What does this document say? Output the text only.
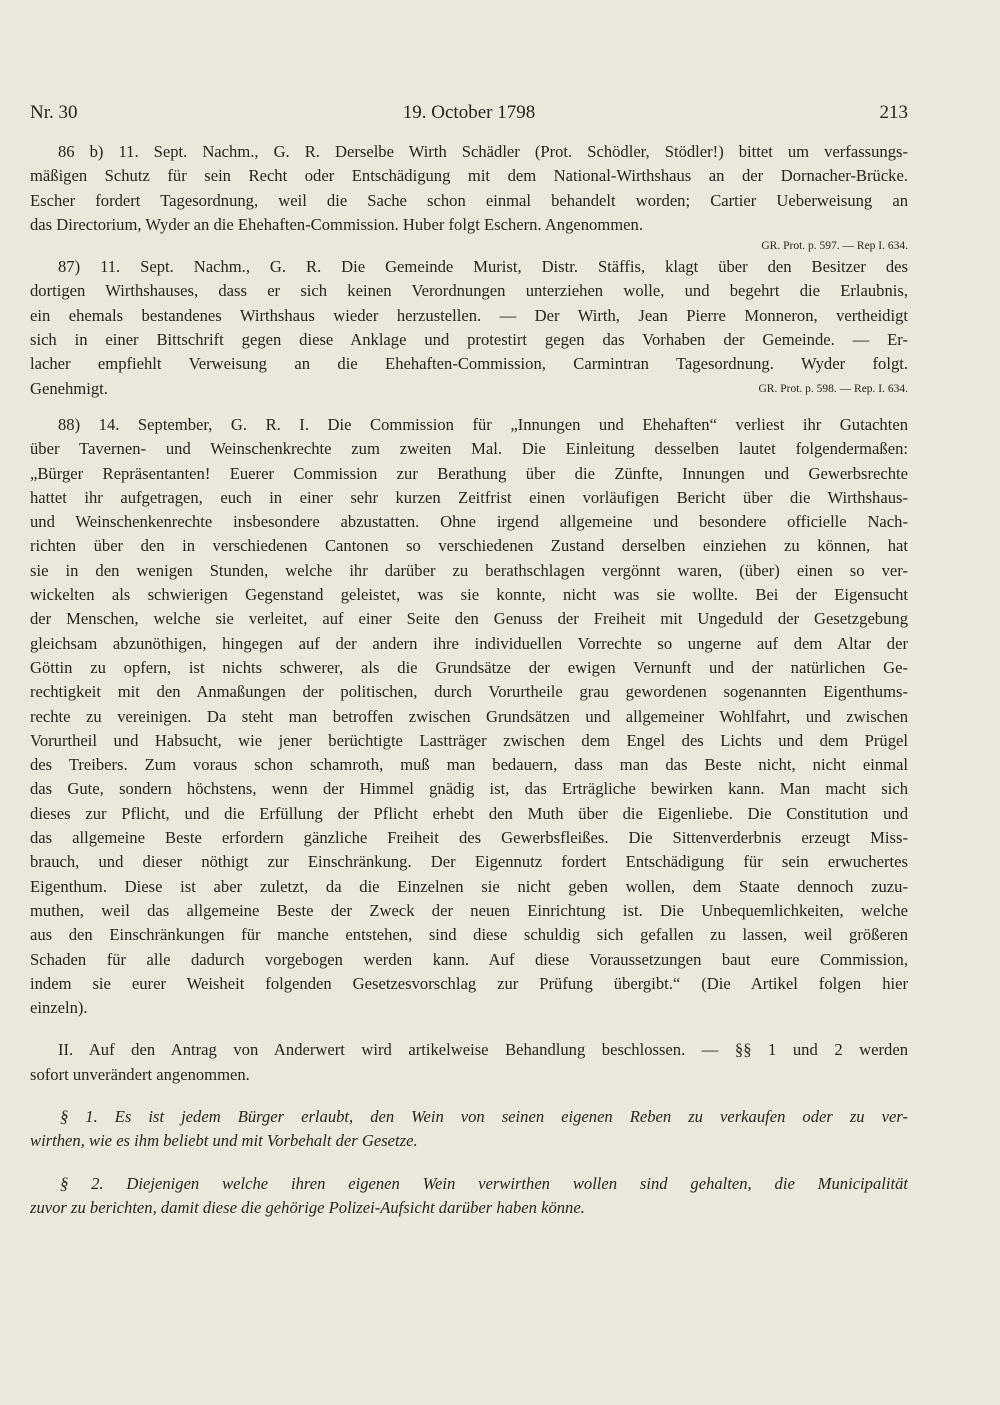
Nr. 30	19. October 1798	213
86 b) 11. Sept. Nachm., G. R. Derselbe Wirth Schädler (Prot. Schödler, Stödler!) bittet um verfassungs-
mäßigen Schutz für sein Recht oder Entschädigung mit dem National-Wirthshaus an der Dornacher-Brücke.
Escher fordert Tagesordnung, weil die Sache schon einmal behandelt worden; Cartier Ueberweisung an
das Directorium, Wyder an die Ehehaften-Commission. Huber folgt Eschern. Angenommen.
GR. Prot. p. 597. — Rep I. 634.
87) 11. Sept. Nachm., G. R. Die Gemeinde Murist, Distr. Stäffis, klagt über den Besitzer des
dortigen Wirthshauses, dass er sich keinen Verordnungen unterziehen wolle, und begehrt die Erlaubnis,
ein ehemals bestandenes Wirthshaus wieder herzustellen. — Der Wirth, Jean Pierre Monneron, vertheidigt
sich in einer Bittschrift gegen diese Anklage und protestirt gegen das Vorhaben der Gemeinde. — Er-
lacher empfiehlt Verweisung an die Ehehaften-Commission, Carmintran Tagesordnung. Wyder folgt.
Genehmigt.	GR. Prot. p. 598. — Rep. I. 634.
88) 14. September, G. R. I. Die Commission für „Innungen und Ehehaften“ verliest ihr Gutachten
über Tavernen- und Weinschenkrechte zum zweiten Mal. Die Einleitung desselben lautet folgendermaßen:
„Bürger Repräsentanten! Euerer Commission zur Berathung über die Zünfte, Innungen und Gewerbsrechte
hattet ihr aufgetragen, euch in einer sehr kurzen Zeitfrist einen vorläufigen Bericht über die Wirthshaus-
und Weinschenkenrechte insbesondere abzustatten. Ohne irgend allgemeine und besondere officielle Nach-
richten über den in verschiedenen Cantonen so verschiedenen Zustand derselben einziehen zu können, hat
sie in den wenigen Stunden, welche ihr darüber zu berathschlagen vergönnt waren, (über) einen so ver-
wickelten als schwierigen Gegenstand geleistet, was sie konnte, nicht was sie wollte. Bei der Eigensucht
der Menschen, welche sie verleitet, auf einer Seite den Genuss der Freiheit mit Ungeduld der Gesetzgebung
gleichsam abzunöthigen, hingegen auf der andern ihre individuellen Vorrechte so ungerne auf dem Altar der
Göttin zu opfern, ist nichts schwerer, als die Grundsätze der ewigen Vernunft und der natürlichen Ge-
rechtigkeit mit den Anmaßungen der politischen, durch Vorurtheile grau gewordenen sogenannten Eigenthums-
rechte zu vereinigen. Da steht man betroffen zwischen Grundsätzen und allgemeiner Wohlfahrt, und zwischen
Vorurtheil und Habsucht, wie jener berüchtigte Lastträger zwischen dem Engel des Lichts und dem Prügel
des Treibers. Zum voraus schon schamroth, muß man bedauern, dass man das Beste nicht, nicht einmal
das Gute, sondern höchstens, wenn der Himmel gnädig ist, das Erträgliche bewirken kann. Man macht sich
dieses zur Pflicht, und die Erfüllung der Pflicht erhebt den Muth über die Eigenliebe. Die Constitution und
das allgemeine Beste erfordern gänzliche Freiheit des Gewerbsfleißes. Die Sittenverderbnis erzeugt Miss-
brauch, und dieser nöthigt zur Einschränkung. Der Eigennutz fordert Entschädigung für sein erwuchertes
Eigenthum. Diese ist aber zuletzt, da die Einzelnen sie nicht geben wollen, dem Staate dennoch zuzu-
muthen, weil das allgemeine Beste der Zweck der neuen Einrichtung ist. Die Unbequemlichkeiten, welche
aus den Einschränkungen für manche entstehen, sind diese schuldig sich gefallen zu lassen, weil größeren
Schaden für alle dadurch vorgebogen werden kann. Auf diese Voraussetzungen baut eure Commission,
indem sie eurer Weisheit folgenden Gesetzesvorschlag zur Prüfung übergibt.“ (Die Artikel folgen hier
einzeln).
II. Auf den Antrag von Anderwert wird artikelweise Behandlung beschlossen. — §§ 1 und 2 werden
sofort unverändert angenommen.
§ 1. Es ist jedem Bürger erlaubt, den Wein von seinen eigenen Reben zu verkaufen oder zu ver-
wirthen, wie es ihm beliebt und mit Vorbehalt der Gesetze.
§ 2. Diejenigen welche ihren eigenen Wein verwirthen wollen sind gehalten, die Municipalität
zuvor zu berichten, damit diese die gehörige Polizei-Aufsicht darüber haben könne.
